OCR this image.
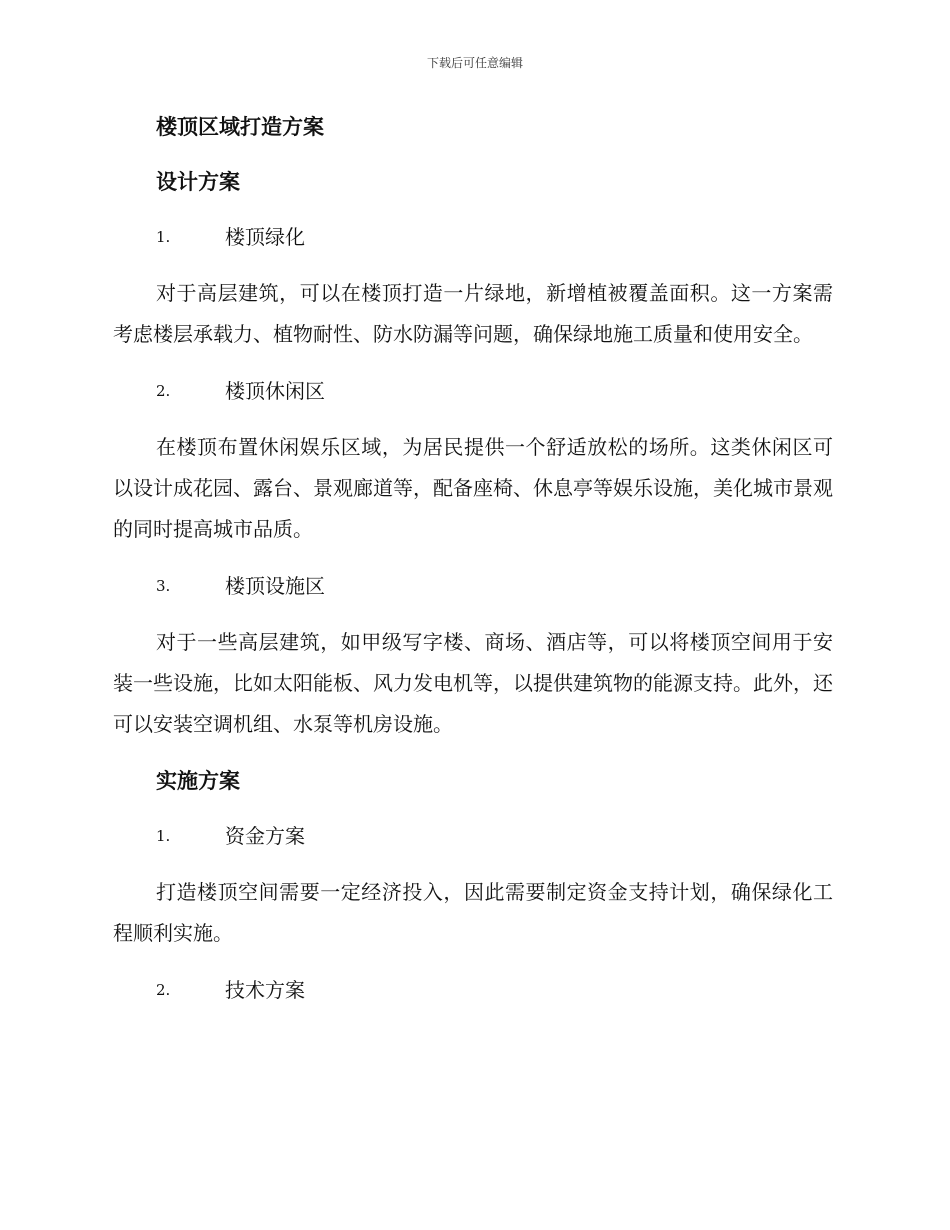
下载后可任意编辑
楼顶区域打造方案
设计方案
1.	楼顶绿化

对于高层建筑，可以在楼顶打造一片绿地，新增植被覆盖面积。这一方案需考虑楼层承载力、植物耐性、防水防漏等问题，确保绿地施工质量和使用安全。

2.	楼顶休闲区

在楼顶布置休闲娱乐区域，为居民提供一个舒适放松的场所。这类休闲区可以设计成花园、露台、景观廊道等，配备座椅、休息亭等娱乐设施，美化城市景观的同时提高城市品质。

3.	楼顶设施区

对于一些高层建筑，如甲级写字楼、商场、酒店等，可以将楼顶空间用于安装一些设施，比如太阳能板、风力发电机等，以提供建筑物的能源支持。此外，还可以安装空调机组、水泵等机房设施。

实施方案
1.	资金方案

打造楼顶空间需要一定经济投入，因此需要制定资金支持计划，确保绿化工程顺利实施。

2.	技术方案
